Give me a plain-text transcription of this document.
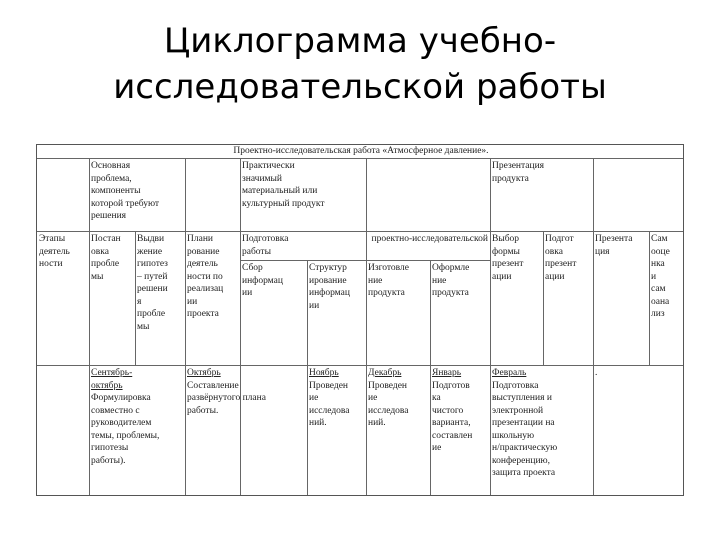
Циклограмма учебно-
исследовательской работы
Проектно-исследовательская работа «Атмосферное давление».
Основная
проблема,
компоненты
которой требуют
решения
Практически
значимый
материальный или
культурный продукт
Презентация
продукта
Этапы
деятель
ности
Постан
овка
пробле
мы
Выдви
жение
гипотез
– путей
решени
я
пробле
мы
Плани
рование
деятель
ности по
реализац
ии
проекта
Подготовка	проектно-исследовательской
работы
Сбор
информац
ии
Структур
ирование
информац
ии
Изготовле
ние
продукта
Оформле
ние
продукта
Выбор
формы
презент
ации
Подгот
овка
презент
ации
Презента
ция
Сам
ооце
нка
и
сам
оана
лиз
Сентябрь-
октябрь
Формулировка
совместно с
руководителем
темы, проблемы,
гипотезы
работы).
Октябрь
Составление
развёрнутого плана
работы.
Ноябрь
Проведен
ие
исследова
ний.
Декабрь
Проведен
ие
исследова
ний.
Январь
Подготов
ка
чистого
варианта,
составлен
ие
Февраль
Подготовка
выступления и
электронной
презентации на
школьную
н/практическую
конференцию,
защита проекта
.
